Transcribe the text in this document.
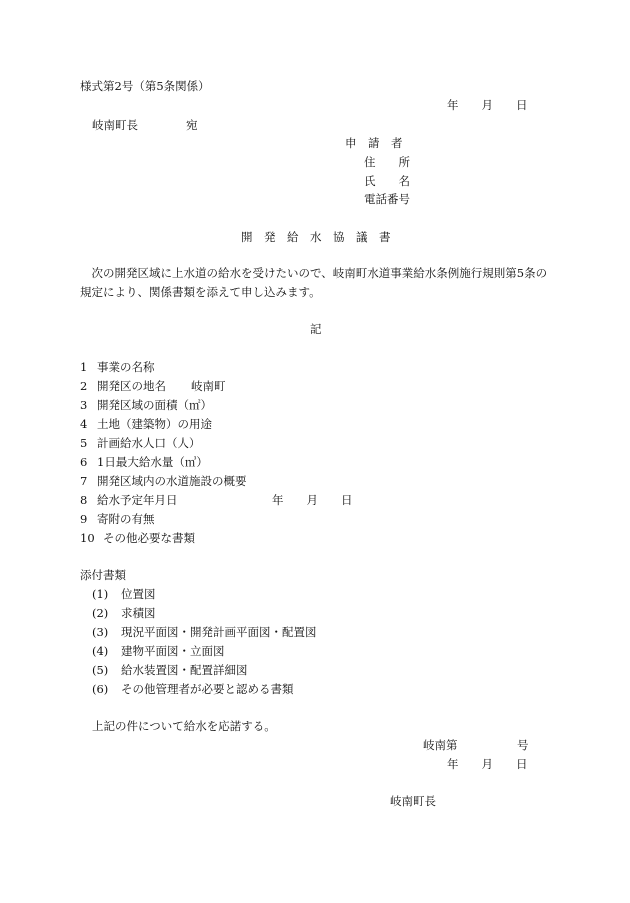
様式第2号（第5条関係）
年　　月　　日
岐南町長	宛
申　請　者
住　　所
氏　　名
電話番号
開　発　給　水　協　議　書
　次の開発区域に上水道の給水を受けたいので、岐南町水道事業給水条例施行規則第5条の
規定により、関係書類を添えて申し込みます。
記
1 事業の名称
2 開発区の地名 岐南町
3 開発区域の面積（㎡）
4 土地（建築物）の用途
5 計画給水人口（人）
6 1日最大給水量（㎥）
7 開発区域内の水道施設の概要
8 給水予定年月日	年　　月　　日
9 寄附の有無
10 その他必要な書類
添付書類
(1) 位置図
(2) 求積図
(3) 現況平面図・開発計画平面図・配置図
(4) 建物平面図・立面図
(5) 給水装置図・配置詳細図
(6) その他管理者が必要と認める書類
上記の件について給水を応諾する。
岐南第	号
年　　月　　日
岐南町長
